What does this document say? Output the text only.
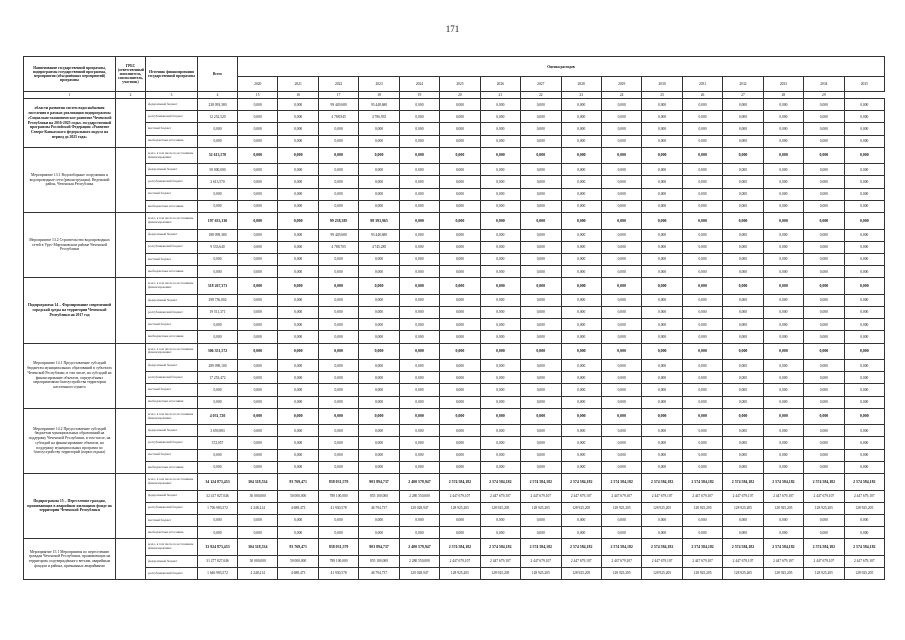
171
Наименование государственной программы, подпрограммы государственной программы, мероприятия (объединённых мероприятий) программы	ГРБС (ответственный исполнитель, соисполнитель, участник)	Источник финансирования государственной программы	Всего	Оценка расходов															
				2020	2021	2022	2023	2024	2025	2026	2027	2028	2029	2030	2031	2032	2033	2034	2035
1	2	3	4	15	16	17	18	19	20	21	22	23	24	25	26	27	28	29	
области развития систем водоснабжения поселения в рамках реализации подпрограммы «Социально-экономическое развитие Чеченской Республики на 2016-2025 годы» государственной программы Российской Федерации «Развитие Северо-Кавказского федерального округа на период до 2025 года»		федеральный бюджет	238 093,380	0,000	0,000	99 449,680	93 448,680	0,000	0,000	0,000	0,000	0,000	0,000	0,000	0,000	0,000	0,000	0,000	0,000
		республиканский бюджет	12 252,520	0,000	0,000	4 788,945	4 786,935	0,000	0,000	0,000	0,000	0,000	0,000	0,000	0,000	0,000	0,000	0,000	0,000
		местный бюджет	0,000	0,000	0,000	0,000	0,000	0,000	0,000	0,000	0,000	0,000	0,000	0,000	0,000	0,000	0,000	0,000	0,000
		внебюджетные источники	0,000	0,000	0,000	0,000	0,000	0,000	0,000	0,000	0,000	0,000	0,000	0,000	0,000	0,000	0,000	0,000	0,000
Мероприятие 13.1 Водозаборные сооружения и водопроводные сети (реконструкция). Веденский район, Чеченская Республика		всего, в том числе по источникам финансирования:	52 613,570	0,000	0,000	0,000	0,000	0,000	0,000	0,000	0,000	0,000	0,000	0,000	0,000	0,000	0,000	0,000	0,000
		федеральный бюджет	50 000,000	0,000	0,000	0,000	0,000	0,000	0,000	0,000	0,000	0,000	0,000	0,000	0,000	0,000	0,000	0,000	0,000
		республиканский бюджет	2 613,570	0,000	0,000	0,000	0,000	0,000	0,000	0,000	0,000	0,000	0,000	0,000	0,000	0,000	0,000	0,000	0,000
		местный бюджет	0,000	0,000	0,000	0,000	0,000	0,000	0,000	0,000	0,000	0,000	0,000	0,000	0,000	0,000	0,000	0,000	0,000
		внебюджетные источники	0,000	0,000	0,000	0,000	0,000	0,000	0,000	0,000	0,000	0,000	0,000	0,000	0,000	0,000	0,000	0,000	0,000
Мероприятие 13.2 Строительство водопроводных сетей в Урус-Мартановском районе Чеченской Республики		всего, в том числе по источникам финансирования:	197 633,130	0,000	0,000	99 238,385	98 393,965	0,000	0,000	0,000	0,000	0,000	0,000	0,000	0,000	0,000	0,000	0,000	0,000
		федеральный бюджет	188 099,380	0,000	0,000	99 449,680	93 448,680	0,000	0,000	0,000	0,000	0,000	0,000	0,000	0,000	0,000	0,000	0,000	0,000
		республиканский бюджет	9 533,640	0,000	0,000	4 788,705	4 745,285	0,000	0,000	0,000	0,000	0,000	0,000	0,000	0,000	0,000	0,000	0,000	0,000
		местный бюджет	0,000	0,000	0,000	0,000	0,000	0,000	0,000	0,000	0,000	0,000	0,000	0,000	0,000	0,000	0,000	0,000	0,000
		внебюджетные источники	0,000	0,000	0,000	0,000	0,000	0,000	0,000	0,000	0,000	0,000	0,000	0,000	0,000	0,000	0,000	0,000	0,000
Подпрограмма 14 – Формирование современной городской среды на территории Чеченской Республики на 2017 год		всего, в том числе по источникам финансирования:	318 267,373	0,000	0,000	0,000	0,000	0,000	0,000	0,000	0,000	0,000	0,000	0,000	0,000	0,000	0,000	0,000	0,000
		федеральный бюджет	298 756,002	0,000	0,000	0,000	0,000	0,000	0,000	0,000	0,000	0,000	0,000	0,000	0,000	0,000	0,000	0,000	0,000
		республиканский бюджет	19 511,371	0,000	0,000	0,000	0,000	0,000	0,000	0,000	0,000	0,000	0,000	0,000	0,000	0,000	0,000	0,000	0,000
		местный бюджет	0,000	0,000	0,000	0,000	0,000	0,000	0,000	0,000	0,000	0,000	0,000	0,000	0,000	0,000	0,000	0,000	0,000
		внебюджетные источники	0,000	0,000	0,000	0,000	0,000	0,000	0,000	0,000	0,000	0,000	0,000	0,000	0,000	0,000	0,000	0,000	0,000
Мероприятие 14.1 Предоставление субсидий бюджетам муниципальных образований в субъектах Чеченской Республики, в том числе, на субсидий на финансирование объектов, определённых мероприятиями благоустройства территории населенного пункта		всего, в том числе по источникам финансирования:	306 351,572	0,000	0,000	0,000	0,000	0,000	0,000	0,000	0,000	0,000	0,000	0,000	0,000	0,000	0,000	0,000	0,000
		федеральный бюджет	289 098,100	0,000	0,000	0,000	0,000	0,000	0,000	0,000	0,000	0,000	0,000	0,000	0,000	0,000	0,000	0,000	0,000
		республиканский бюджет	17 253,472	0,000	0,000	0,000	0,000	0,000	0,000	0,000	0,000	0,000	0,000	0,000	0,000	0,000	0,000	0,000	0,000
		местный бюджет	0,000	0,000	0,000	0,000	0,000	0,000	0,000	0,000	0,000	0,000	0,000	0,000	0,000	0,000	0,000	0,000	0,000
		внебюджетные источники	0,000	0,000	0,000	0,000	0,000	0,000	0,000	0,000	0,000	0,000	0,000	0,000	0,000	0,000	0,000	0,000	0,000
Мероприятие 14.2 Предоставление субсидий бюджетам муниципальных образований на поддержку Чеченской Республики, в том числе, на субсидий на финансирование объектов, на поддержку муниципальных программ по благоустройству территорий (парки отдыха)		всего, в том числе по источникам финансирования:	4 031,720	0,000	0,000	0,000	0,000	0,000	0,000	0,000	0,000	0,000	0,000	0,000	0,000	0,000	0,000	0,000	0,000
		федеральный бюджет	3 659,883	0,000	0,000	0,000	0,000	0,000	0,000	0,000	0,000	0,000	0,000	0,000	0,000	0,000	0,000	0,000	0,000
		республиканский бюджет	372,057	0,000	0,000	0,000	0,000	0,000	0,000	0,000	0,000	0,000	0,000	0,000	0,000	0,000	0,000	0,000	0,000
		местный бюджет	0,000	0,000	0,000	0,000	0,000	0,000	0,000	0,000	0,000	0,000	0,000	0,000	0,000	0,000	0,000	0,000	0,000
		внебюджетные источники	0,000	0,000	0,000	0,000	0,000	0,000	0,000	0,000	0,000	0,000	0,000	0,000	0,000	0,000	0,000	0,000	0,000
Подпрограмма 15 – Переселение граждан, проживающих в аварийном жилищном фонде на территории Чеченской Республики		всего, в том числе по источникам финансирования:	34 124 873,453	304 318,534	93 769,471	838 031,579	903 894,737	2 400 578,947	2 574 584,182	2 574 584,182	2 574 584,182	2 574 584,182	2 574 584,182	2 574 584,182	2 574 584,182	2 574 584,182	2 574 584,182	2 574 584,182	2 574 584,182
		федеральный бюджет	32 417 827,046	30 000,000	50 000,000	788 100,000	855 100,000	2 280 550,000	2 447 679,107	2 447 679,107	2 447 679,107	2 447 679,107	2 447 679,107	2 447 679,107	2 447 679,107	2 447 679,107	2 447 679,107	2 447 679,107	2 447 679,107
		республиканский бюджет	1 706 983,572	2 248,214	4 688,473	41 930,578	46 794,737	120 028,947	128 925,205	128 925,205	128 925,205	128 925,205	128 925,205	128 925,205	128 925,205	128 925,205	128 925,205	128 925,205	128 925,205
		местный бюджет	0,000	0,000	0,000	0,000	0,000	0,000	0,000	0,000	0,000	0,000	0,000	0,000	0,000	0,000	0,000	0,000	0,000
		внебюджетные источники	0,000	0,000	0,000	0,000	0,000	0,000	0,000	0,000	0,000	0,000	0,000	0,000	0,000	0,000	0,000	0,000	0,000
Мероприятие 15.1 Мероприятия по переселению граждан Чеченской Республики, проживающих на территории, подтверждённого ветхим, аварийным фондом и района, признанных аварийными		всего, в том числе по источникам финансирования:	33 924 873,453	304 318,534	93 769,471	838 031,579	903 894,737	2 400 578,947	2 574 584,182	2 574 584,182	2 574 584,182	2 574 584,182	2 574 584,182	2 574 584,182	2 574 584,182	2 574 584,182	2 574 584,182	2 574 584,182	2 574 584,182
		федеральный бюджет	31 277 827,046	30 000,000	50 000,000	788 100,000	855 100,000	2 280 550,000	2 447 679,107	2 447 679,107	2 447 679,107	2 447 679,107	2 447 679,107	2 447 679,107	2 447 679,107	2 447 679,107	2 447 679,107	2 447 679,107	2 447 679,107
		республиканский бюджет	1 646 983,572	2 248,214	4 688,473	41 930,578	46 794,737	120 028,947	128 925,205	128 925,205	128 925,205	128 925,205	128 925,205	128 925,205	128 925,205	128 925,205	128 925,205	128 925,205	128 925,205
